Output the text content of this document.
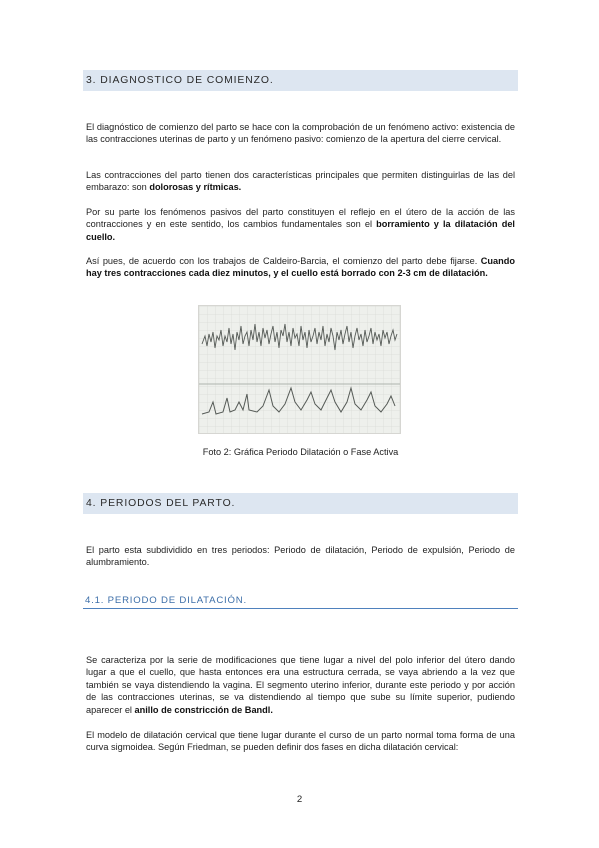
3. DIAGNOSTICO DE COMIENZO.

El diagnóstico de comienzo del parto se hace con la comprobación de un fenómeno activo: existencia de las contracciones uterinas de parto y un fenómeno pasivo: comienzo de la apertura del cierre cervical.

Las contracciones del parto tienen dos características principales que permiten distinguirlas de las del embarazo: son dolorosas y rítmicas.

Por su parte los fenómenos pasivos del parto constituyen el reflejo en el útero de la acción de las contracciones y en este sentido, los cambios fundamentales son el borramiento y la dilatación del cuello.

Así pues, de acuerdo con los trabajos de Caldeiro-Barcia, el comienzo del parto debe fijarse. Cuando hay tres contracciones cada diez minutos, y el cuello está borrado con 2-3 cm de dilatación.

Foto 2: Gráfica Periodo Dilatación o Fase Activa

4. PERIODOS DEL PARTO.

El parto esta subdividido en tres periodos: Periodo de dilatación, Periodo de expulsión, Periodo de alumbramiento.

4.1. PERIODO DE DILATACIÓN.

Se caracteriza por la serie de modificaciones que tiene lugar a nivel del polo inferior del útero dando lugar a que el cuello, que hasta entonces era una estructura cerrada, se vaya abriendo a la vez que también se vaya distendiendo la vagina. El segmento uterino inferior, durante este periodo y por acción de las contracciones uterinas, se va distendiendo al tiempo que sube su límite superior, pudiendo aparecer el anillo de constricción de Bandl.

El modelo de dilatación cervical que tiene lugar durante el curso de un parto normal toma forma de una curva sigmoidea. Según Friedman, se pueden definir dos fases en dicha dilatación cervical:

2
